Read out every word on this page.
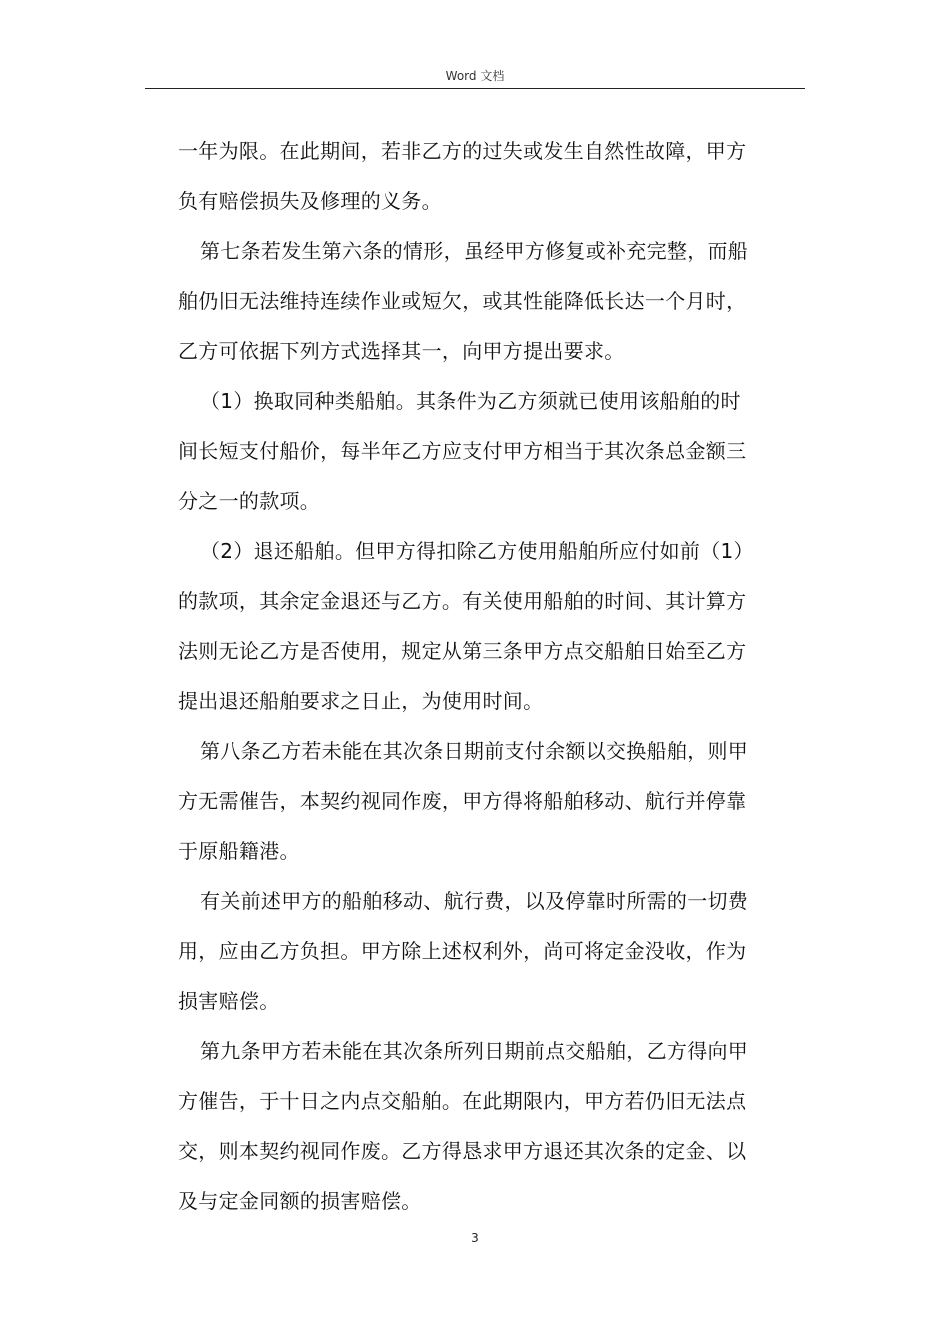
Word 文档
一年为限。在此期间，若非乙方的过失或发生自然性故障，甲方
负有赔偿损失及修理的义务。
第七条若发生第六条的情形，虽经甲方修复或补充完整，而船
舶仍旧无法维持连续作业或短欠，或其性能降低长达一个月时，
乙方可依据下列方式选择其一，向甲方提出要求。
（1）换取同种类船舶。其条件为乙方须就已使用该船舶的时
间长短支付船价，每半年乙方应支付甲方相当于其次条总金额三
分之一的款项。
（2）退还船舶。但甲方得扣除乙方使用船舶所应付如前（1）
的款项，其余定金退还与乙方。有关使用船舶的时间、其计算方
法则无论乙方是否使用，规定从第三条甲方点交船舶日始至乙方
提出退还船舶要求之日止，为使用时间。
第八条乙方若未能在其次条日期前支付余额以交换船舶，则甲
方无需催告，本契约视同作废，甲方得将船舶移动、航行并停靠
于原船籍港。
有关前述甲方的船舶移动、航行费，以及停靠时所需的一切费
用，应由乙方负担。甲方除上述权利外，尚可将定金没收，作为
损害赔偿。
第九条甲方若未能在其次条所列日期前点交船舶，乙方得向甲
方催告，于十日之内点交船舶。在此期限内，甲方若仍旧无法点
交，则本契约视同作废。乙方得恳求甲方退还其次条的定金、以
及与定金同额的损害赔偿。
3
